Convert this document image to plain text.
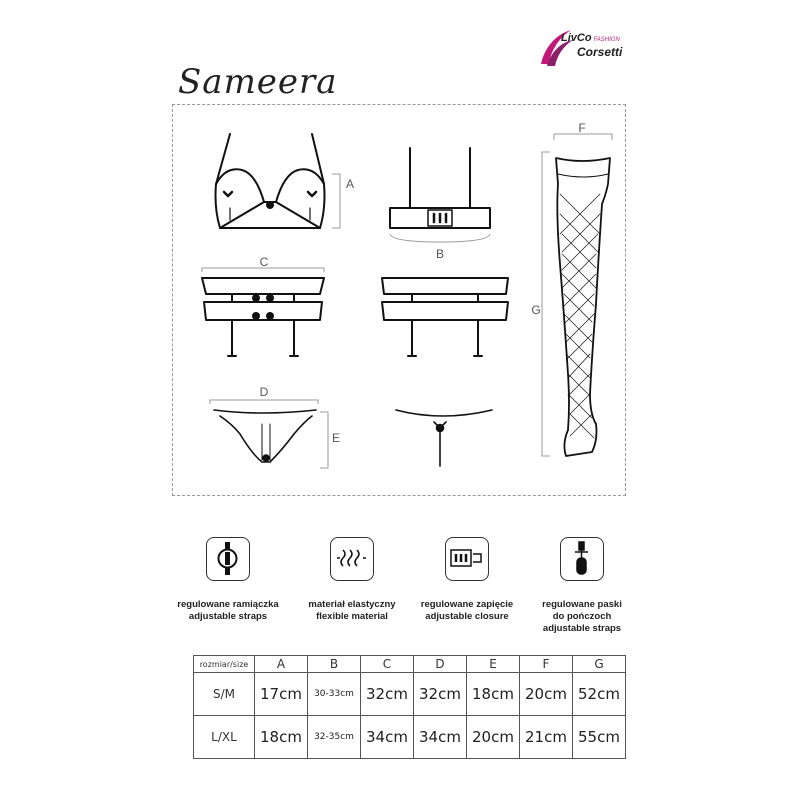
LivCo FASHION
Corsetti
Sameera
A
B
C
D
E
F
G
regulowane ramiączka
adjustable straps
materiał elastyczny
flexible material
regulowane zapięcie
adjustable closure
regulowane paski
do pończoch
adjustable straps
rozmiar/size	A	B	C	D	E	F	G
S/M	17cm	30-33cm	32cm	32cm	18cm	20cm	52cm
L/XL	18cm	32-35cm	34cm	34cm	20cm	21cm	55cm
